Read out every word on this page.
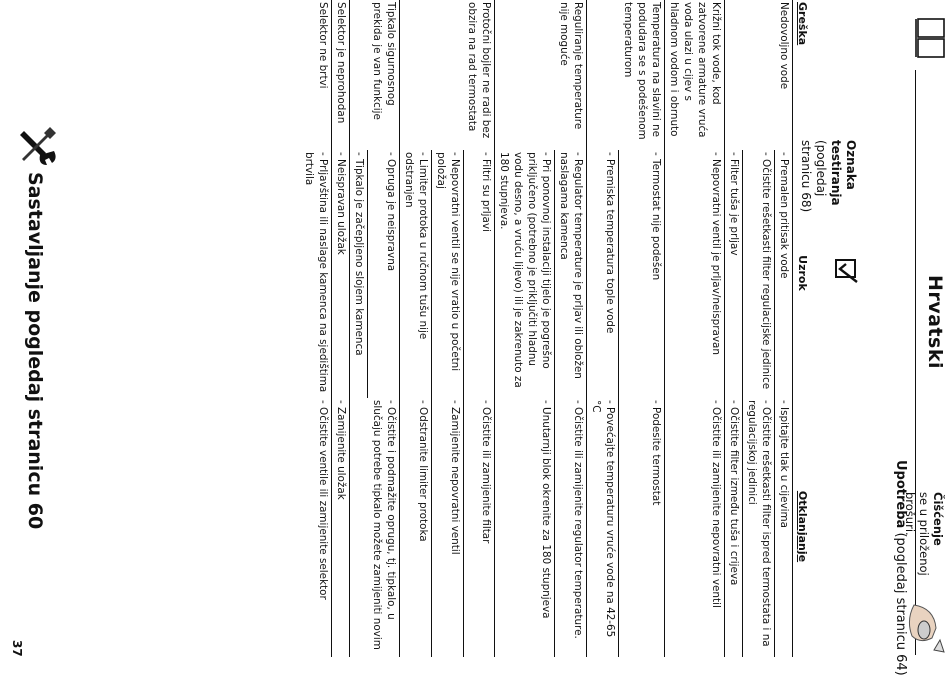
Hrvatski
Čišćenje
se u priloženoj brošuri.
Upotreba (pogledaj stranicu 64)
Oznaka testiranja (pogledaj
stranicu 68)
Greška	Uzrok	Otklanjanje
Nedovoljno vode	- Premalen pritisak vode	- Ispitajte tlak u cijevima
	- Očistite rešetkasti filter regulacijske jedinice	- Očistite rešetkasti filter ispred termostata i na regulacijskoj jedinici
	- Filter tuša je prljav	- Očistite filter između tuša i crijeva
Križni tok vode, kod zatvorene armature vruća voda ulazi u cijev s hladnom vodom i obrnuto	- Nepovratni ventil je prljav/neispravan	- Očistite ili zamijenite nepovratni ventil
Temperatura na slavini ne podudara se s podešenom temperaturom	- Termostat nije podešen	- Podesite termostat
	- Premiska temperatura tople vode	- Povećajte temperaturu vruće vode na 42-65 °C
Reguliranje temperature nije moguće	- Regulator temperature je prljav ili obložen naslagama kamenca	- Očistite ili zamijenite regulator temperature.
	- Pri ponovnoj instalaciji tijelo je pogrešno priključeno (potrebno je priključiti hladnu vodu desno, a vruću lijevo) ili je zakrenuto za 180 stupnjeva.	- Unutarnji blok okrenite za 180 stupnjeva
Protočni bojler ne radi bez obzira na rad termostata	- Filtri su prljavi	- Očistite ili zamijenite filtar
	- Nepovratni ventil se nije vratio u početni položaj	- Zamijenite nepovratni ventil
	- Limiter protoka u ručnom tušu nije odstranjen	- Odstranite limiter protoka
Tipkalo sigurnosnog prekida je van funkcije	- Opruga je neispravna	- Očistite i podmažite oprugu, tj. tipkalo, u slučaju potrebe tipkalo možete zamijeniti novim
	- Tipkalo je začepljeno slojem kamenca	
Selektor je neprohodan	- Neispravan uložak	- Zamijenite uložak
Selektor ne brtvi	- Prljavština ili naslage kamenca na sjedištima brtvila	- Očistite ventile ili zamijenite selektor
Sastavljanje pogledaj stranicu 60
37
